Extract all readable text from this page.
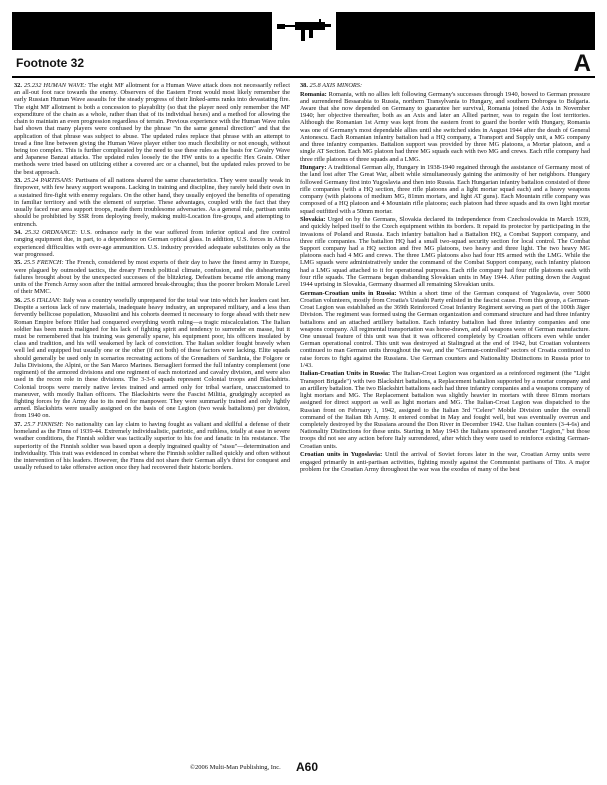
Footnote 32	A

32. 25.232 HUMAN WAVE: The eight MF allotment for a Human Wave attack does not necessarily reflect an all-out foot race towards the enemy. Observers of the Eastern Front would most likely remember the early Russian Human Wave assaults for the steady progress of their linked-arms ranks into devastating fire. The eight MF allotment is both a concession to playability (so that the player need only remember the MF expenditure of the chain as a whole, rather than that of its individual hexes) and a method for allowing the chain to maintain an even progression regardless of terrain. Previous experience with the Human Wave rules had shown that many players were confused by the phrase "in the same general direction" and that the application of that phrase was subject to abuse. The updated rules replace that phrase with an attempt to tread a fine line between giving the Human Wave player either too much flexibility or not enough, without being too complex. This is further complicated by the need to use these rules as the basis for Cavalry Wave and Japanese Banzai attacks. The updated rules loosely tie the HW units to a specific Hex Grain. Other methods were tried based on utilizing either a covered arc or a channel, but the updated rules proved to be the best approach.

33. 25.24 PARTISANS: Partisans of all nations shared the same characteristics. They were usually weak in firepower, with few heavy support weapons. Lacking in training and discipline, they rarely held their own in a sustained fire-fight with enemy regulars. On the other hand, they usually enjoyed the benefits of operating in familiar territory and with the element of surprise. These advantages, coupled with the fact that they usually faced rear area support troops, made them troublesome adversaries. As a general rule, partisan units should be prohibited by SSR from deploying freely, making multi-Location fire-groups, and attempting to entrench.

34. 25.32 ORDNANCE: U.S. ordnance early in the war suffered from inferior optical and fire control ranging equipment due, in part, to a dependence on German optical glass. In addition, U.S. forces in Africa experienced difficulties with over-age ammunition. U.S. industry provided adequate substitutes only as the war progressed.

35. 25.5 FRENCH: The French, considered by most experts of their day to have the finest army in Europe, were plagued by outmoded tactics, the dreary French political climate, confusion, and the disheartening failures brought about by the unexpected successes of the blitzkrieg. Defeatism became rife among many units of the French Army soon after the initial armored break-throughs; thus the poorer broken Morale Level of their MMC.

36. 25.6 ITALIAN: Italy was a country woefully unprepared for the total war into which her leaders cast her. Despite a serious lack of raw materials, inadequate heavy industry, an unprepared military, and a less than fervently bellicose population, Mussolini and his cohorts deemed it necessary to forge ahead with their new Roman Empire before Hitler had conquered everything worth ruling—a tragic miscalculation. The Italian soldier has been much maligned for his lack of fighting spirit and tendency to surrender en masse, but it must be remembered that his training was generally sparse, his equipment poor, his officers insulated by class and tradition, and his will weakened by lack of conviction. The Italian soldier fought bravely when well led and equipped but usually one or the other (if not both) of these factors were lacking. Elite squads should generally be used only in scenarios recreating actions of the Grenadiers of Sardinia, the Folgore or Julia Divisions, the Alpini, or the San Marco Marines. Bersaglieri formed the full infantry complement (one regiment) of the armored divisions and one regiment of each motorized and cavalry division, and were also used in the recon role in these divisions. The 3-3-6 squads represent Colonial troops and Blackshirts. Colonial troops were merely native levies trained and armed only for tribal warfare, unaccustomed to maneuver, with mostly Italian officers. The Blackshirts were the Fascist Militia, grudgingly accepted as fighting forces by the Army due to its need for manpower. They were summarily trained and only lightly armed. Blackshirts were usually assigned on the basis of one Legion (two weak battalions) per division, from 1940 on.

37. 25.7 FINNISH: No nationality can lay claim to having fought as valiant and skillful a defense of their homeland as the Finns of 1939-44. Extremely individualistic, patriotic, and ruthless, totally at ease in severe weather conditions, the Finnish soldier was tactically superior to his foe and fanatic in his resistance. The superiority of the Finnish soldier was based upon a deeply ingrained quality of "sissu"—determination and individuality. This trait was evidenced in combat where the Finnish soldier rallied quickly and often without the intervention of his leaders. However, the Finns did not share their German ally's thirst for conquest and usually refused to take offensive action once they had recovered their historic borders.

38. 25.8 AXIS MINORS:

Romania: Romania, with no allies left following Germany's successes through 1940, bowed to German pressure and surrendered Bessarabia to Russia, northern Transylvania to Hungary, and southern Dobrogea to Bulgaria. Aware that she now depended on Germany to guarantee her survival, Romania joined the Axis in November 1940; her objective thereafter, both as an Axis and later an Allied partner, was to regain the lost territories. Although the Romanian 1st Army was kept from the eastern front to guard the border with Hungary, Romania was one of Germany's most dependable allies until she switched sides in August 1944 after the death of General Antonescu. Each Romanian infantry battalion had a HQ company, a Transport and Supply unit, a MG company and three infantry companies. Battalion support was provided by three MG platoons, a Mortar platoon, and a single AT Section. Each MG platoon had three MG squads each with two MG and crews. Each rifle company had three rifle platoons of three squads and a LMG.

Hungary: A traditional German ally, Hungary in 1938-1940 regained through the assistance of Germany most of the land lost after The Great War, albeit while simultaneously gaining the animosity of her neighbors. Hungary followed Germany first into Yugoslavia and then into Russia. Each Hungarian infantry battalion consisted of three rifle companies (with a HQ section, three rifle platoons and a light mortar squad each) and a heavy weapons company (with platoons of medium MG, 81mm mortars, and light AT guns). Each Mountain rifle company was composed of a HQ platoon and 4 Mountain rifle platoons; each platoon had three squads and its own light mortar squad outfitted with a 50mm mortar.

Slovakia: Urged on by the Germans, Slovakia declared its independence from Czechoslovakia in March 1939, and quickly helped itself to the Czech equipment within its borders. It repaid its protector by participating in the invasions of Poland and Russia. Each infantry battalion had a Battalion HQ, a Combat Support company, and three rifle companies. The battalion HQ had a small two-squad security section for local control. The Combat Support company had a HQ section and five MG platoons, two heavy and three light. The two heavy MG platoons each had 4 MG and crews. The three LMG platoons also had four HS armed with the LMG. While the LMG squads were administratively under the command of the Combat Support company, each infantry platoon had a LMG squad attached to it for operational purposes. Each rifle company had four rifle platoons each with four rifle squads. The Germans began disbanding Slovakian units in May 1944. After putting down the August 1944 uprising in Slovakia, Germany disarmed all remaining Slovakian units.

German-Croatian units in Russia: Within a short time of the German conquest of Yugoslavia, over 5000 Croatian volunteers, mostly from Croatia's Ustashi Party enlisted in the fascist cause. From this group, a German-Croat Legion was established as the 369th Reinforced Croat Infantry Regiment serving as part of the 100th Jäger Division. The regiment was formed using the German organization and command structure and had three infantry battalions and an attached artillery battalion. Each infantry battalion had three infantry companies and one weapons company. All regimental transportation was horse-drawn, and all weapons were of German manufacture. One unusual feature of this unit was that it was officered completely by Croatian officers even while under German operational control. This unit was destroyed at Stalingrad at the end of 1942, but Croatian volunteers continued to man German units throughout the war, and the "German-controlled" sectors of Croatia continued to raise forces to fight against the Russians. Use German counters and Nationality Distinctions in Russia prior to 1/43.

Italian-Croatian Units in Russia: The Italian-Croat Legion was organized as a reinforced regiment (the "Light Transport Brigade") with two Blackshirt battalions, a Replacement battalion supported by a mortar company and an artillery battalion. The two Blackshirt battalions each had three infantry companies and a weapons company of light mortars and MG. The Replacement battalion was slightly heavier in mortars with three 81mm mortars assigned for direct support as well as light mortars and MG. The Italian-Croat Legion was dispatched to the Russian front on February 1, 1942, assigned to the Italian 3rd "Celere" Mobile Division under the overall command of the Italian 8th Army. It entered combat in May and fought well, but was eventually overrun and completely destroyed by the Russians around the Don River in December 1942. Use Italian counters (3-4-6s) and Nationality Distinctions for these units. Starting in May 1943 the Italians sponsored another "Legion," but those troops did not see any action before Italy surrendered, after which they were used to reinforce existing German-Croatian units.

Croatian units in Yugoslavia: Until the arrival of Soviet forces later in the war, Croatian Army units were engaged primarily in anti-partisan activities, fighting mostly against the Communist partisans of Tito. A major problem for the Croatian Army throughout the war was the exodus of many of the best

©2006 Multi-Man Publishing, Inc. A60
